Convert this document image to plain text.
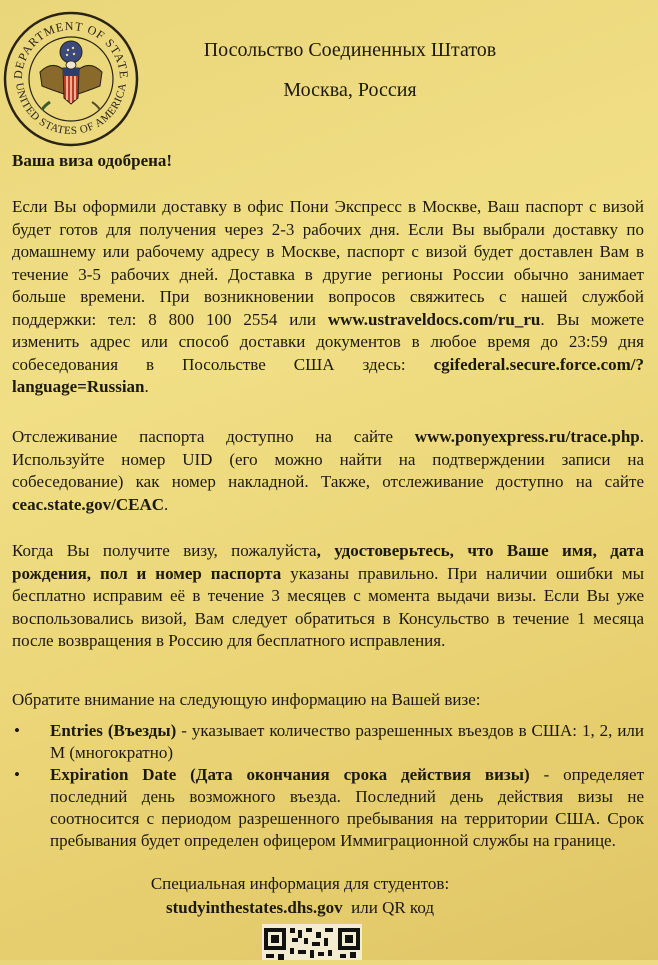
DEPARTMENT OF STATE
UNITED STATES OF AMERICA
Посольство Соединенных Штатов
Москва, Россия
Ваша виза одобрена!
Если Вы оформили доставку в офис Пони Экспресс в Москве, Ваш паспорт с визой будет готов для получения через 2-3 рабочих дня. Если Вы выбрали доставку по домашнему или рабочему адресу в Москве, паспорт с визой будет доставлен Вам в течение 3-5 рабочих дней. Доставка в другие регионы России обычно занимает больше времени. При возникновении вопросов свяжитесь с нашей службой поддержки: тел: 8 800 100 2554 или www.ustraveldocs.com/ru_ru. Вы можете изменить адрес или способ доставки документов в любое время до 23:59 дня собеседования в Посольстве США здесь: cgifederal.secure.force.com/?language=Russian.
Отслеживание паспорта доступно на сайте www.ponyexpress.ru/trace.php. Используйте номер UID (его можно найти на подтверждении записи на собеседование) как номер накладной. Также, отслеживание доступно на сайте ceac.state.gov/CEAC.
Когда Вы получите визу, пожалуйста, удостоверьтесь, что Ваше имя, дата рождения, пол и номер паспорта указаны правильно. При наличии ошибки мы бесплатно исправим её в течение 3 месяцев с момента выдачи визы. Если Вы уже воспользовались визой, Вам следует обратиться в Консульство в течение 1 месяца после возвращения в Россию для бесплатного исправления.
Обратите внимание на следующую информацию на Вашей визе:
• Entries (Въезды) - указывает количество разрешенных въездов в США: 1, 2, или M (многократно)
• Expiration Date (Дата окончания срока действия визы) - определяет последний день возможного въезда. Последний день действия визы не соотносится с периодом разрешенного пребывания на территории США. Срок пребывания будет определен офицером Иммиграционной службы на границе.
Специальная информация для студентов:
studyinthestates.dhs.gov  или QR код
